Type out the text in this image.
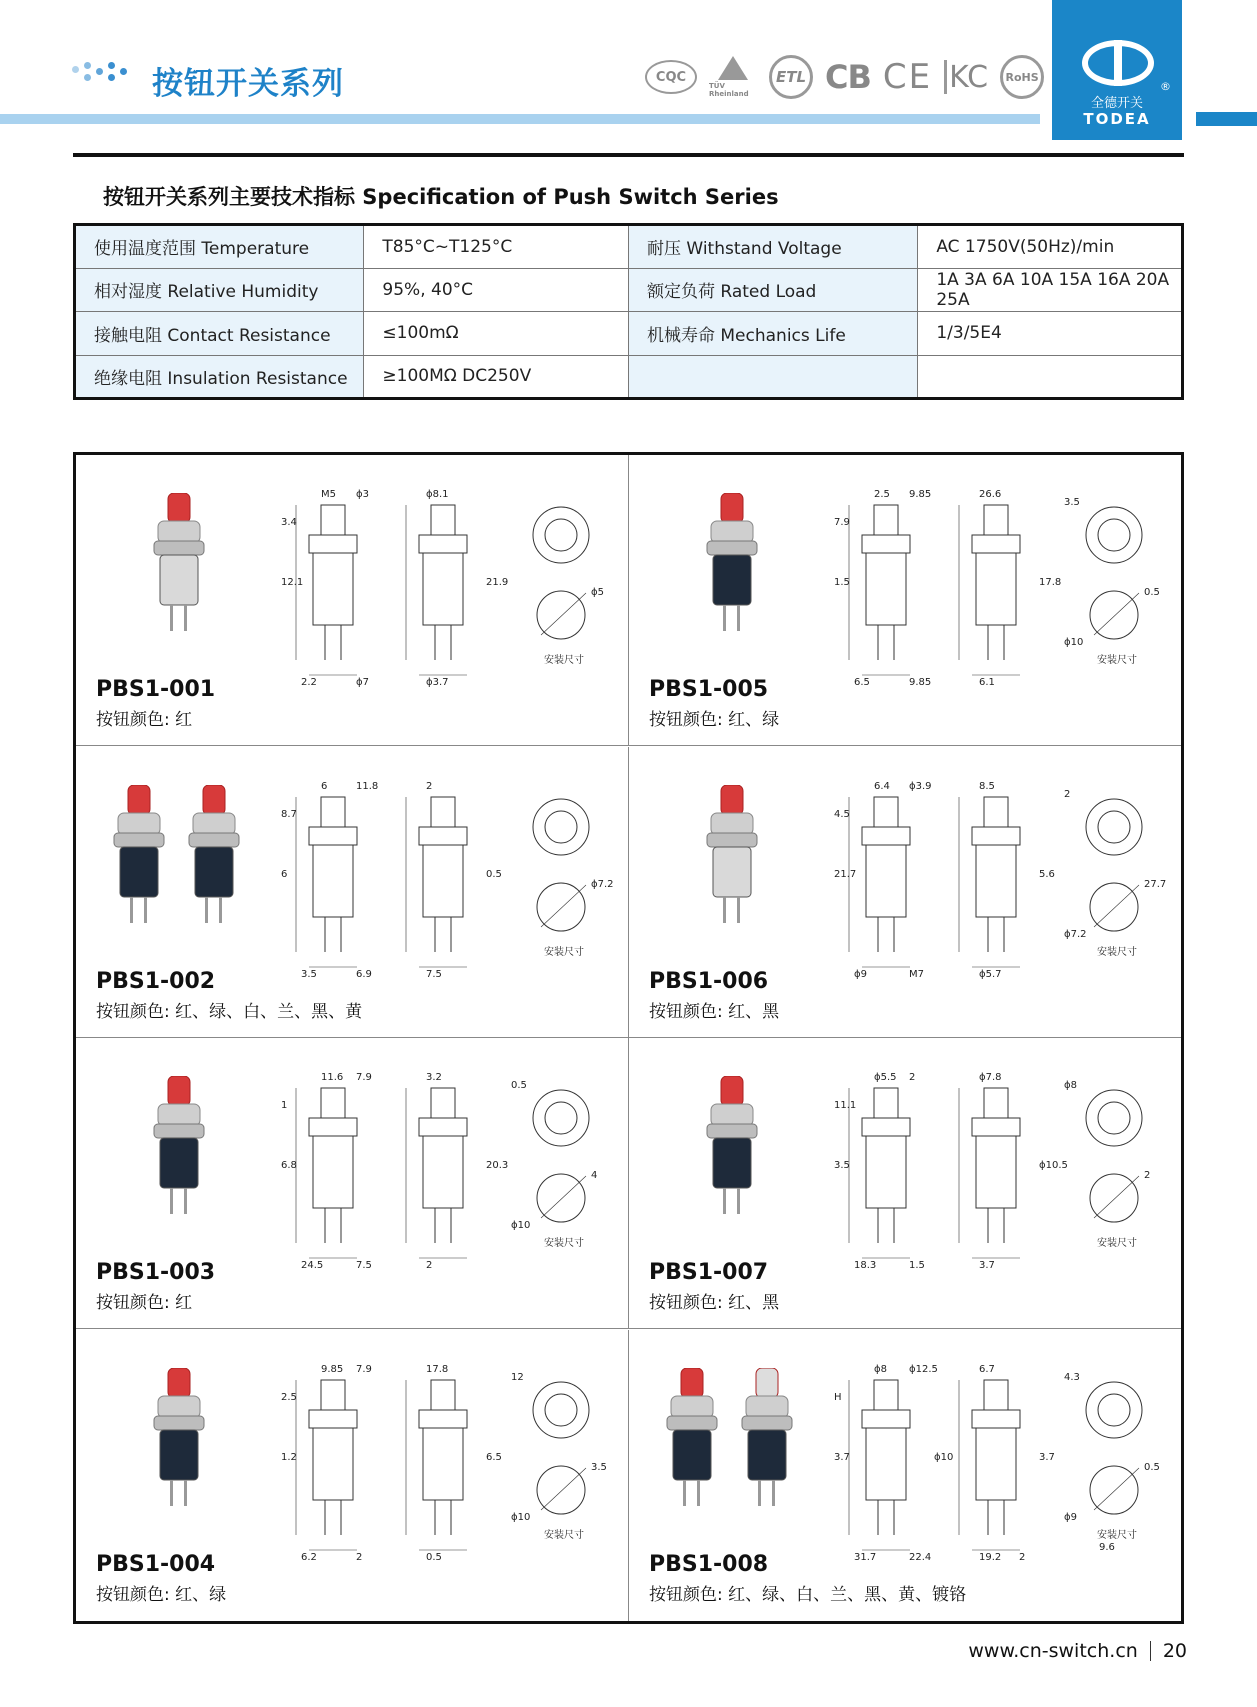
按钮开关系列	CQC
TÜV Rheinland
ETL CB CE KC RoHS
®
全德开关
TODEA
按钮开关系列主要技术指标 Specification of Push Switch Series
使用温度范围 Temperature	T85°C~T125°C	耐压 Withstand Voltage	AC 1750V(50Hz)/min
相对湿度 Relative Humidity	95%, 40°C	额定负荷 Rated Load	1A 3A 6A 10A 15A 16A 20A 25A
接触电阻 Contact Resistance	≤100mΩ	机械寿命 Mechanics Life	1/3/5E4
绝缘电阻 Insulation Resistance	≥100MΩ DC250V		
M5 ϕ3
3.4
12.1
ϕ8.1
21.9
2.2	ϕ7	ϕ3.7
ϕ5
安装尺寸
PBS1-001
按钮颜色: 红
2.5 9.85
7.9
1.5
26.6
17.8
6.5	9.85	6.1
0.5
3.5
ϕ10
安装尺寸
PBS1-005
按钮颜色: 红、绿
6	11.8
8.7
6
2
0.5
3.5	6.9	7.5
ϕ7.2
安装尺寸
PBS1-002
按钮颜色: 红、绿、白、兰、黑、黄
6.4 ϕ3.9
4.5
21.7
8.5
5.6
ϕ9	M7	ϕ5.7
27.7
2
ϕ7.2
安装尺寸
PBS1-006
按钮颜色: 红、黑
11.6 7.9
1
6.8
3.2
20.3
24.5	7.5	2
4
0.5
ϕ10
安装尺寸
PBS1-003
按钮颜色: 红
ϕ5.5 2
11.1
3.5
ϕ7.8
ϕ10.5
18.3	1.5	3.7
2
ϕ8
安装尺寸
PBS1-007
按钮颜色: 红、黑
9.85 7.9
2.5
1.2
17.8
6.5
6.2	2	0.5
3.5
12
ϕ10
安装尺寸
PBS1-004
按钮颜色: 红、绿
ϕ8 ϕ12.5
H
3.7
6.7
3.7
31.7	22.4	19.2
0.5
4.3
ϕ9
2
9.6
ϕ10
安装尺寸
PBS1-008
按钮颜色: 红、绿、白、兰、黑、黄、镀铬
www.cn-switch.cn 20
